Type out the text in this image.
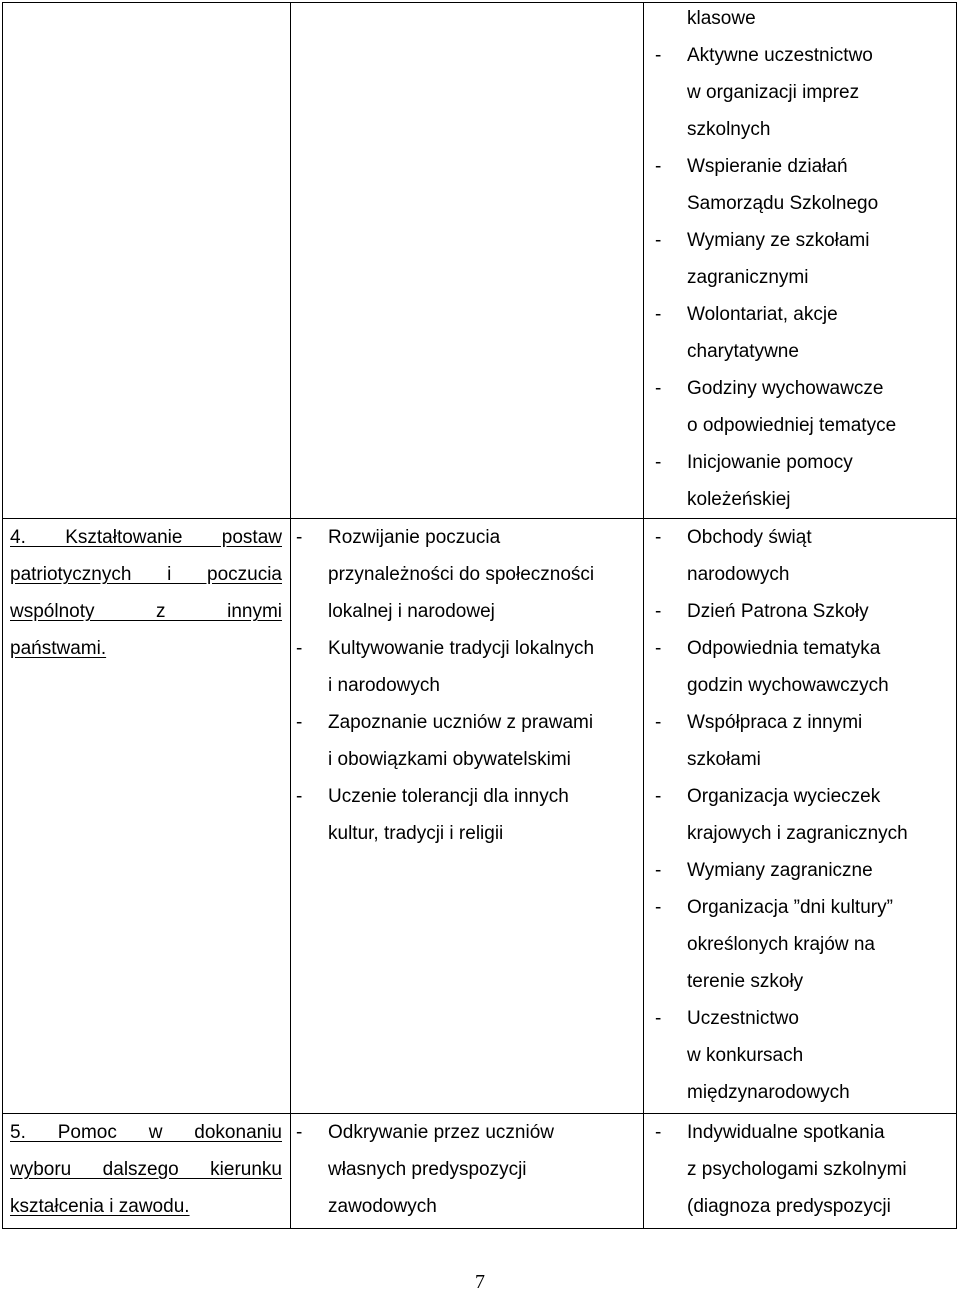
klasowe
- Aktywne uczestnictwo
w organizacji imprez
szkolnych
- Wspieranie działań
Samorządu Szkolnego
- Wymiany ze szkołami
zagranicznymi
- Wolontariat, akcje
charytatywne
- Godziny wychowawcze
o odpowiedniej tematyce
- Inicjowanie pomocy
koleżeńskiej
4. Kształtowanie postaw
patriotycznych i poczucia
wspólnoty z innymi
państwami.
- Rozwijanie poczucia
przynależności do społeczności
lokalnej i narodowej
- Kultywowanie tradycji lokalnych
i narodowych
- Zapoznanie uczniów z prawami
i obowiązkami obywatelskimi
- Uczenie tolerancji dla innych
kultur, tradycji i religii
- Obchody świąt
narodowych
- Dzień Patrona Szkoły
- Odpowiednia tematyka
godzin wychowawczych
- Współpraca z innymi
szkołami
- Organizacja wycieczek
krajowych i zagranicznych
- Wymiany zagraniczne
- Organizacja ”dni kultury”
określonych krajów na
terenie szkoły
- Uczestnictwo
w konkursach
międzynarodowych
5. Pomoc w dokonaniu
wyboru dalszego kierunku
kształcenia i zawodu.
- Odkrywanie przez uczniów
własnych predyspozycji
zawodowych
- Indywidualne spotkania
z psychologami szkolnymi
(diagnoza predyspozycji
7
